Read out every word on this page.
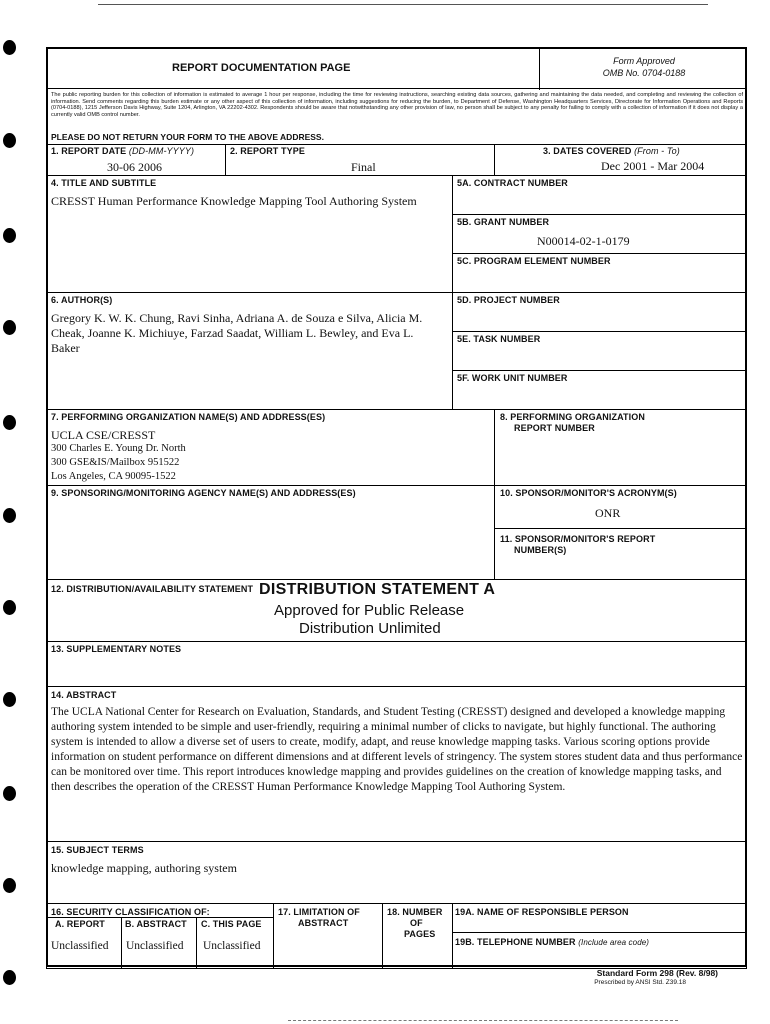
REPORT DOCUMENTATION PAGE
Form Approved
OMB No. 0704-0188
The public reporting burden for this collection of information is estimated to average 1 hour per response, including the time for reviewing instructions, searching existing data sources, gathering and maintaining the data needed, and completing and reviewing the collection of information. Send comments regarding this burden estimate or any other aspect of this collection of information, including suggestions for reducing the burden, to Department of Defense, Washington Headquarters Services, Directorate for Information Operations and Reports (0704-0188), 1215 Jefferson Davis Highway, Suite 1204, Arlington, VA 22202-4302. Respondents should be aware that notwithstanding any other provision of law, no person shall be subject to any penalty for failing to comply with a collection of information if it does not display a currently valid OMB control number.
PLEASE DO NOT RETURN YOUR FORM TO THE ABOVE ADDRESS.
1. REPORT DATE (DD-MM-YYYY)
30-06 2006
2. REPORT TYPE
Final
3. DATES COVERED (From - To)
Dec 2001 - Mar 2004
4. TITLE AND SUBTITLE
CRESST Human Performance Knowledge Mapping Tool Authoring System
5A. CONTRACT NUMBER
5B. GRANT NUMBER
N00014-02-1-0179
5C. PROGRAM ELEMENT NUMBER
6. AUTHOR(S)
Gregory K. W. K. Chung, Ravi Sinha, Adriana A. de Souza e Silva, Alicia M.
Cheak, Joanne K. Michiuye, Farzad Saadat, William L. Bewley, and Eva L.
Baker
5D. PROJECT NUMBER
5E. TASK NUMBER
5F. WORK UNIT NUMBER
7. PERFORMING ORGANIZATION NAME(S) AND ADDRESS(ES)
UCLA CSE/CRESST
300 Charles E. Young Dr. North
300 GSE&IS/Mailbox 951522
Los Angeles, CA 90095-1522
8. PERFORMING ORGANIZATION
REPORT NUMBER
9. SPONSORING/MONITORING AGENCY NAME(S) AND ADDRESS(ES)	10. SPONSOR/MONITOR'S ACRONYM(S)
ONR
11. SPONSOR/MONITOR'S REPORT
NUMBER(S)
12. DISTRIBUTION/AVAILABILITY STATEMENT DISTRIBUTION STATEMENT A
Approved for Public Release
Distribution Unlimited
13. SUPPLEMENTARY NOTES
14. ABSTRACT
The UCLA National Center for Research on Evaluation, Standards, and Student Testing (CRESST) designed and developed a knowledge mapping authoring system intended to be simple and user-friendly, requiring a minimal number of clicks to navigate, but highly functional. The authoring system is intended to allow a diverse set of users to create, modify, adapt, and reuse knowledge mapping tasks. Various scoring options provide information on student performance on different dimensions and at different levels of stringency. The system stores student data and thus performance can be monitored over time. This report introduces knowledge mapping and provides guidelines on the creation of knowledge mapping tasks, and then describes the operation of the CRESST Human Performance Knowledge Mapping Tool Authoring System.
15. SUBJECT TERMS
knowledge mapping, authoring system
16. SECURITY CLASSIFICATION OF:
A. REPORT
Unclassified
B. ABSTRACT
Unclassified
C. THIS PAGE
Unclassified
17. LIMITATION OF
ABSTRACT
18. NUMBER
OF
PAGES
19A. NAME OF RESPONSIBLE PERSON
19B. TELEPHONE NUMBER (Include area code)
Standard Form 298 (Rev. 8/98)
Prescribed by ANSI Std. Z39.18
